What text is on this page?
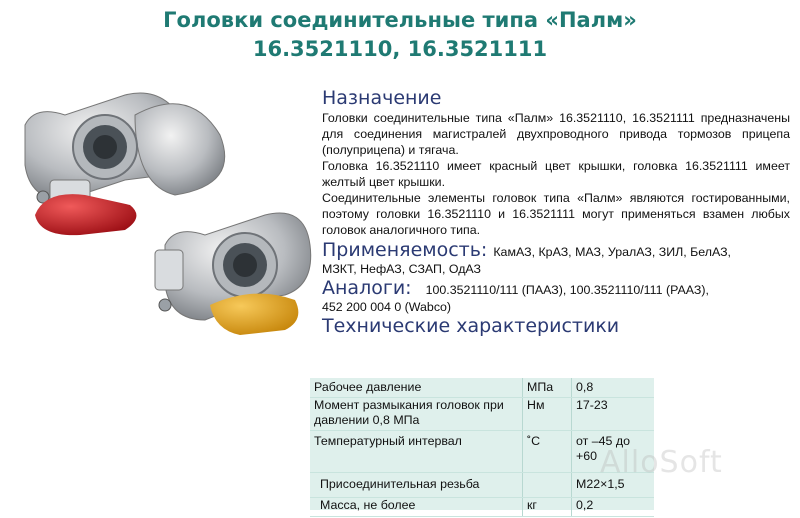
Головки соединительные типа «Палм»
16.3521110, 16.3521111
Назначение

Головки соединительные типа «Палм» 16.3521110, 16.3521111 предназначены для соединения магистралей двухпроводного привода тормозов прицепа (полуприцепа) и тягача.

Головка 16.3521110 имеет красный цвет крышки, головка 16.3521111 имеет желтый цвет крышки.

Соединительные элементы головок типа «Палм» являются гостированными, поэтому головки 16.3521110 и 16.3521111 могут применяться взамен любых головок аналогичного типа.

Применяемость: КамАЗ, КрАЗ, МАЗ, УралАЗ, ЗИЛ, БелАЗ,
МЗКТ, НефАЗ, СЗАП, ОдАЗ
Аналоги: 100.3521110/111 (ПААЗ), 100.3521110/111 (РААЗ),
452 200 004 0 (Wabco)
Технические характеристики
Рабочее давление	МПа	0,8
Момент размыкания головок при давлении 0,8 МПа	Нм	17-23
Температурный интервал	˚С	от –45 до +60
Присоединительная резьба		М22×1,5
Масса, не более	кг	0,2
AlloSoft
